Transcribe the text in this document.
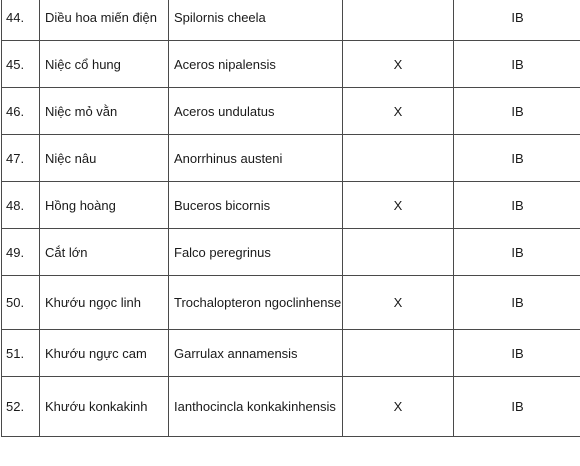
44.	Diều hoa miến điện	Spilornis cheela		IB
45.	Niệc cổ hung	Aceros nipalensis	X	IB
46.	Niệc mỏ vằn	Aceros undulatus	X	IB
47.	Niệc nâu	Anorrhinus austeni		IB
48.	Hồng hoàng	Buceros bicornis	X	IB
49.	Cắt lớn	Falco peregrinus		IB
50.	Khướu ngọc linh	Trochalopteron ngoclinhense	X	IB
51.	Khướu ngực cam	Garrulax annamensis		IB
52.	Khướu konkakinh	Ianthocincla konkakinhensis	X	IB
